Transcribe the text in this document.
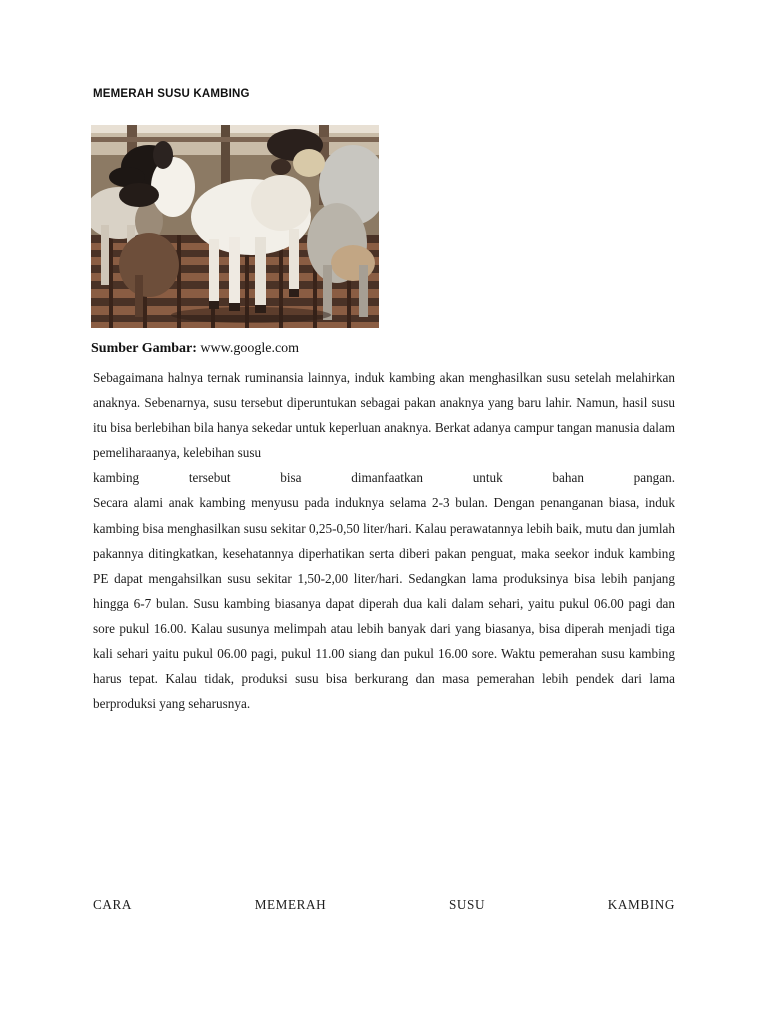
MEMERAH SUSU KAMBING
Sumber Gambar: www.google.com

Sebagaimana halnya ternak ruminansia lainnya, induk kambing akan menghasilkan susu setelah melahirkan anaknya. Sebenarnya, susu tersebut diperuntukan sebagai pakan anaknya yang baru lahir. Namun, hasil susu itu bisa berlebihan bila hanya sekedar untuk keperluan anaknya. Berkat adanya campur tangan manusia dalam pemeliharaanya, kelebihan susu

kambing tersebut bisa dimanfaatkan untuk bahan pangan.

Secara alami anak kambing menyusu pada induknya selama 2-3 bulan. Dengan penanganan biasa, induk kambing bisa menghasilkan susu sekitar 0,25-0,50 liter/hari. Kalau perawatannya lebih baik, mutu dan jumlah pakannya ditingkatkan, kesehatannya diperhatikan serta diberi pakan penguat, maka seekor induk kambing PE dapat mengahsilkan susu sekitar 1,50-2,00 liter/hari. Sedangkan lama produksinya bisa lebih panjang hingga 6-7 bulan. Susu kambing biasanya dapat diperah dua kali dalam sehari, yaitu pukul 06.00 pagi dan sore pukul 16.00. Kalau susunya melimpah atau lebih banyak dari yang biasanya, bisa diperah menjadi tiga kali sehari yaitu pukul 06.00 pagi, pukul 11.00 siang dan pukul 16.00 sore. Waktu pemerahan susu kambing harus tepat. Kalau tidak, produksi susu bisa berkurang dan masa pemerahan lebih pendek dari lama berproduksi yang seharusnya.

CARA	MEMERAH	SUSU	KAMBING
